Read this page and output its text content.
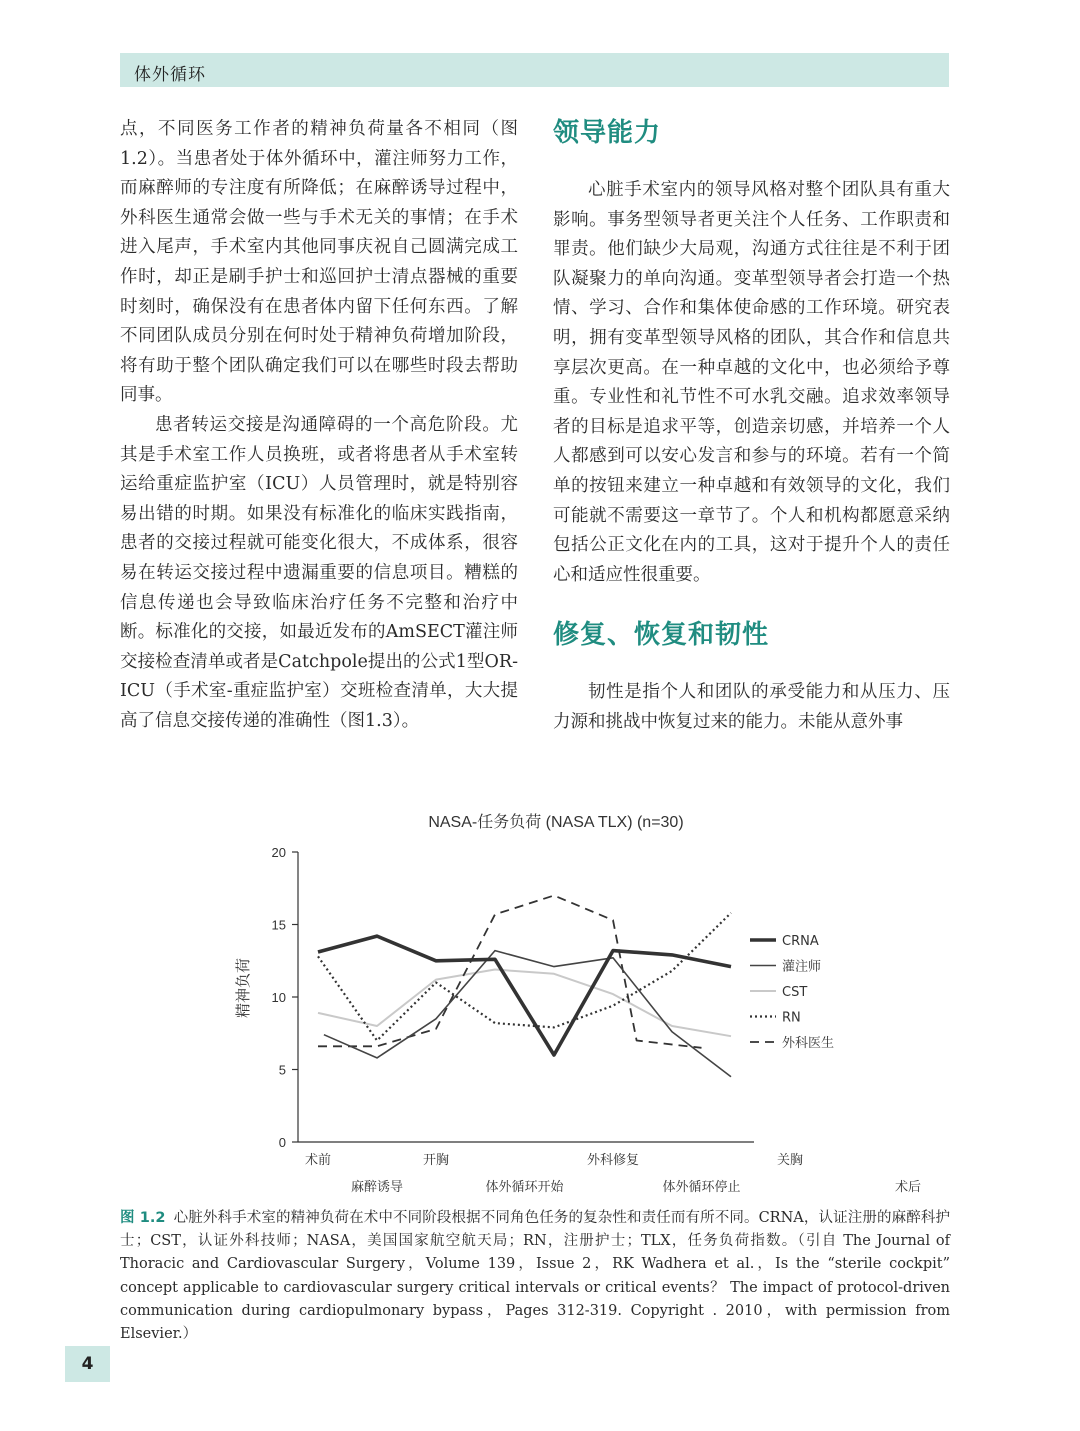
体外循环

点，不同医务工作者的精神负荷量各不相同（图1.2）。当患者处于体外循环中，灌注师努力工作，而麻醉师的专注度有所降低；在麻醉诱导过程中，外科医生通常会做一些与手术无关的事情；在手术进入尾声，手术室内其他同事庆祝自己圆满完成工作时，却正是刷手护士和巡回护士清点器械的重要时刻时，确保没有在患者体内留下任何东西。了解不同团队成员分别在何时处于精神负荷增加阶段，将有助于整个团队确定我们可以在哪些时段去帮助同事。

患者转运交接是沟通障碍的一个高危阶段。尤其是手术室工作人员换班，或者将患者从手术室转运给重症监护室（ICU）人员管理时，就是特别容易出错的时期。如果没有标准化的临床实践指南，患者的交接过程就可能变化很大，不成体系，很容易在转运交接过程中遗漏重要的信息项目。糟糕的信息传递也会导致临床治疗任务不完整和治疗中断。标准化的交接，如最近发布的AmSECT灌注师交接检查清单或者是Catchpole提出的公式1型OR-ICU（手术室-重症监护室）交班检查清单，大大提高了信息交接传递的准确性（图1.3）。

领导能力

心脏手术室内的领导风格对整个团队具有重大影响。事务型领导者更关注个人任务、工作职责和罪责。他们缺少大局观，沟通方式往往是不利于团队凝聚力的单向沟通。变革型领导者会打造一个热情、学习、合作和集体使命感的工作环境。研究表明，拥有变革型领导风格的团队，其合作和信息共享层次更高。在一种卓越的文化中，也必须给予尊重。专业性和礼节性不可水乳交融。追求效率领导者的目标是追求平等，创造亲切感，并培养一个人人都感到可以安心发言和参与的环境。若有一个简单的按钮来建立一种卓越和有效领导的文化，我们可能就不需要这一章节了。个人和机构都愿意采纳包括公正文化在内的工具，这对于提升个人的责任心和适应性很重要。

修复、恢复和韧性

韧性是指个人和团队的承受能力和从压力、压力源和挑战中恢复过来的能力。未能从意外事

NASA-任务负荷 (NASA TLX) (n=30)
精神负荷
0
5
10
15
20
术前	开胸	外科修复	关胸
麻醉诱导	体外循环开始	体外循环停止	术后
CRNA
灌注师
CST
RN
外科医生
图 1.2 心脏外科手术室的精神负荷在术中不同阶段根据不同角色任务的复杂性和责任而有所不同。CRNA，认证注册的麻醉科护士；CST，认证外科技师；NASA，美国国家航空航天局；RN，注册护士；TLX，任务负荷指数。（引自 The Journal of Thoracic and Cardiovascular Surgery，Volume 139，Issue 2，RK Wadhera et al.，Is the “sterile cockpit” concept applicable to cardiovascular surgery critical intervals or critical events？ The impact of protocol-driven communication during cardiopulmonary bypass，Pages 312-319. Copyright . 2010，with permission from Elsevier.）
4
